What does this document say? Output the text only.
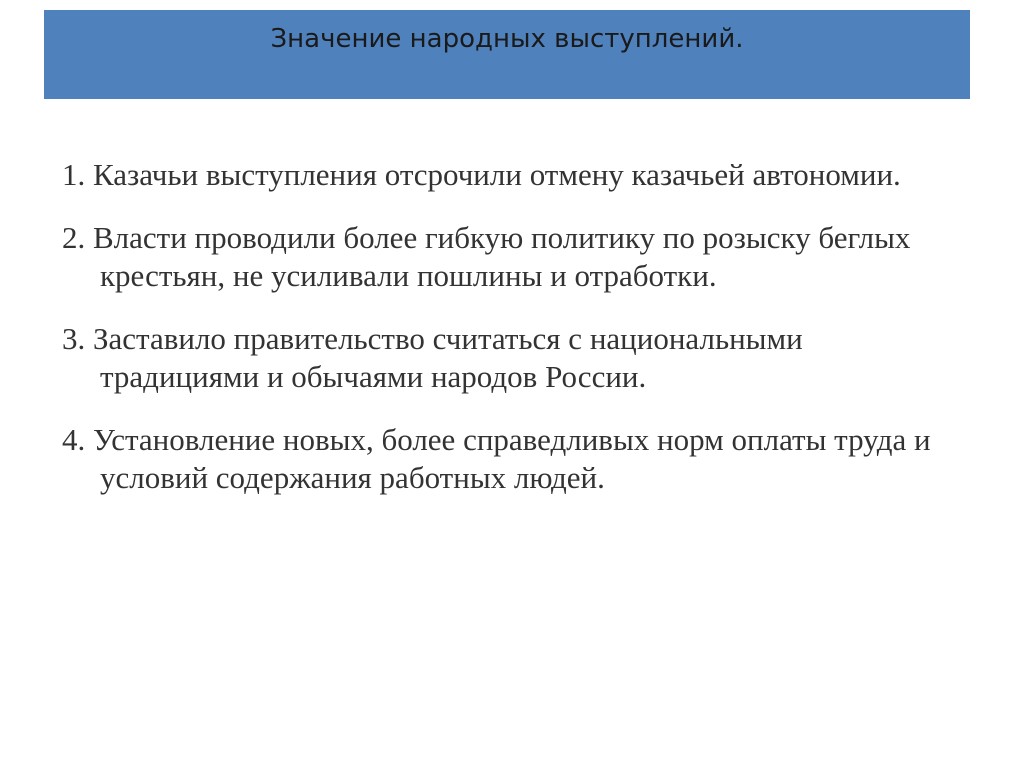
Значение народных выступлений.
1. Казачьи выступления отсрочили отмену казачьей автономии.
2. Власти проводили более гибкую политику по розыску беглых крестьян, не усиливали пошлины и отработки.
3. Заставило правительство считаться с национальными традициями и обычаями народов России.
4. Установление новых, более справедливых норм оплаты труда и условий содержания работных людей.
